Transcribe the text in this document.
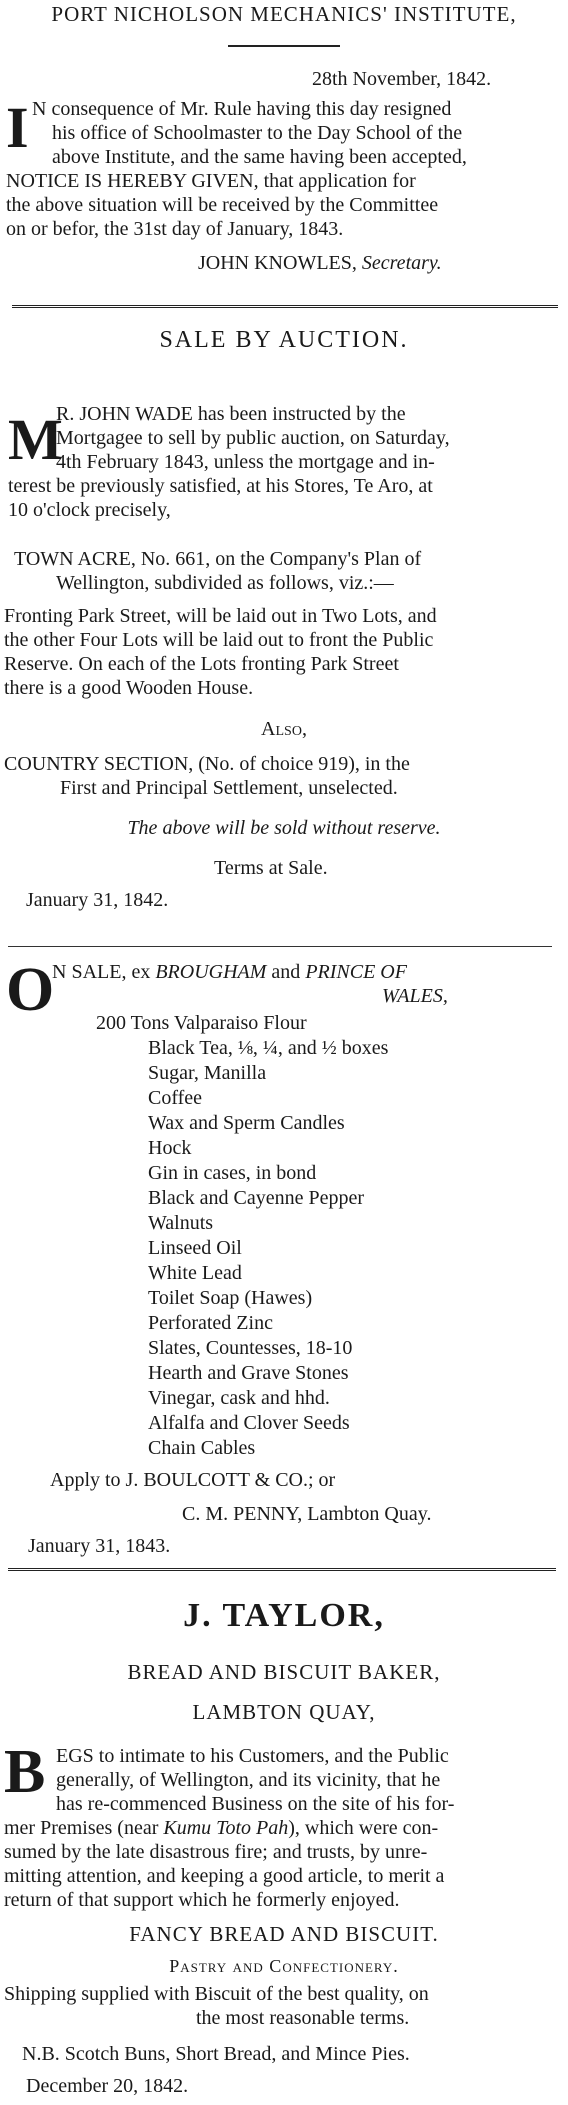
PORT NICHOLSON MECHANICS' INSTITUTE,
28th November, 1842.
I N consequence of Mr. Rule having this day resigned
his office of Schoolmaster to the Day School of the
above Institute, and the same having been accepted,
NOTICE IS HEREBY GIVEN, that application for
the above situation will be received by the Committee
on or befor, the 31st day of January, 1843.
JOHN KNOWLES, Secretary.
SALE BY AUCTION.
M
R. JOHN WADE has been instructed by the
Mortgagee to sell by public auction, on Saturday,
4th February 1843, unless the mortgage and in-
terest be previously satisfied, at his Stores, Te Aro, at
10 o'clock precisely,
TOWN ACRE, No. 661, on the Company's Plan of
Wellington, subdivided as follows, viz.:—
Fronting Park Street, will be laid out in Two Lots, and
the other Four Lots will be laid out to front the Public
Reserve. On each of the Lots fronting Park Street
there is a good Wooden House.
Also,
COUNTRY SECTION, (No. of choice 919), in the
First and Principal Settlement, unselected.
The above will be sold without reserve.
Terms at Sale.
January 31, 1842.
O
N SALE, ex BROUGHAM and PRINCE OF
WALES,
200 Tons Valparaiso Flour
Black Tea, ⅛, ¼, and ½ boxes
Sugar, Manilla
Coffee
Wax and Sperm Candles
Hock
Gin in cases, in bond
Black and Cayenne Pepper
Walnuts
Linseed Oil
White Lead
Toilet Soap (Hawes)
Perforated Zinc
Slates, Countesses, 18-10
Hearth and Grave Stones
Vinegar, cask and hhd.
Alfalfa and Clover Seeds
Chain Cables
Apply to J. BOULCOTT & CO.; or
C. M. PENNY, Lambton Quay.
January 31, 1843.
J. TAYLOR,
BREAD AND BISCUIT BAKER,
LAMBTON QUAY,
B EGS to intimate to his Customers, and the Public
generally, of Wellington, and its vicinity, that he
has re-commenced Business on the site of his for-
mer Premises (near Kumu Toto Pah), which were con-
sumed by the late disastrous fire; and trusts, by unre-
mitting attention, and keeping a good article, to merit a
return of that support which he formerly enjoyed.
FANCY BREAD AND BISCUIT.
Pastry and Confectionery.
Shipping supplied with Biscuit of the best quality, on
the most reasonable terms.
N.B. Scotch Buns, Short Bread, and Mince Pies.
December 20, 1842.
